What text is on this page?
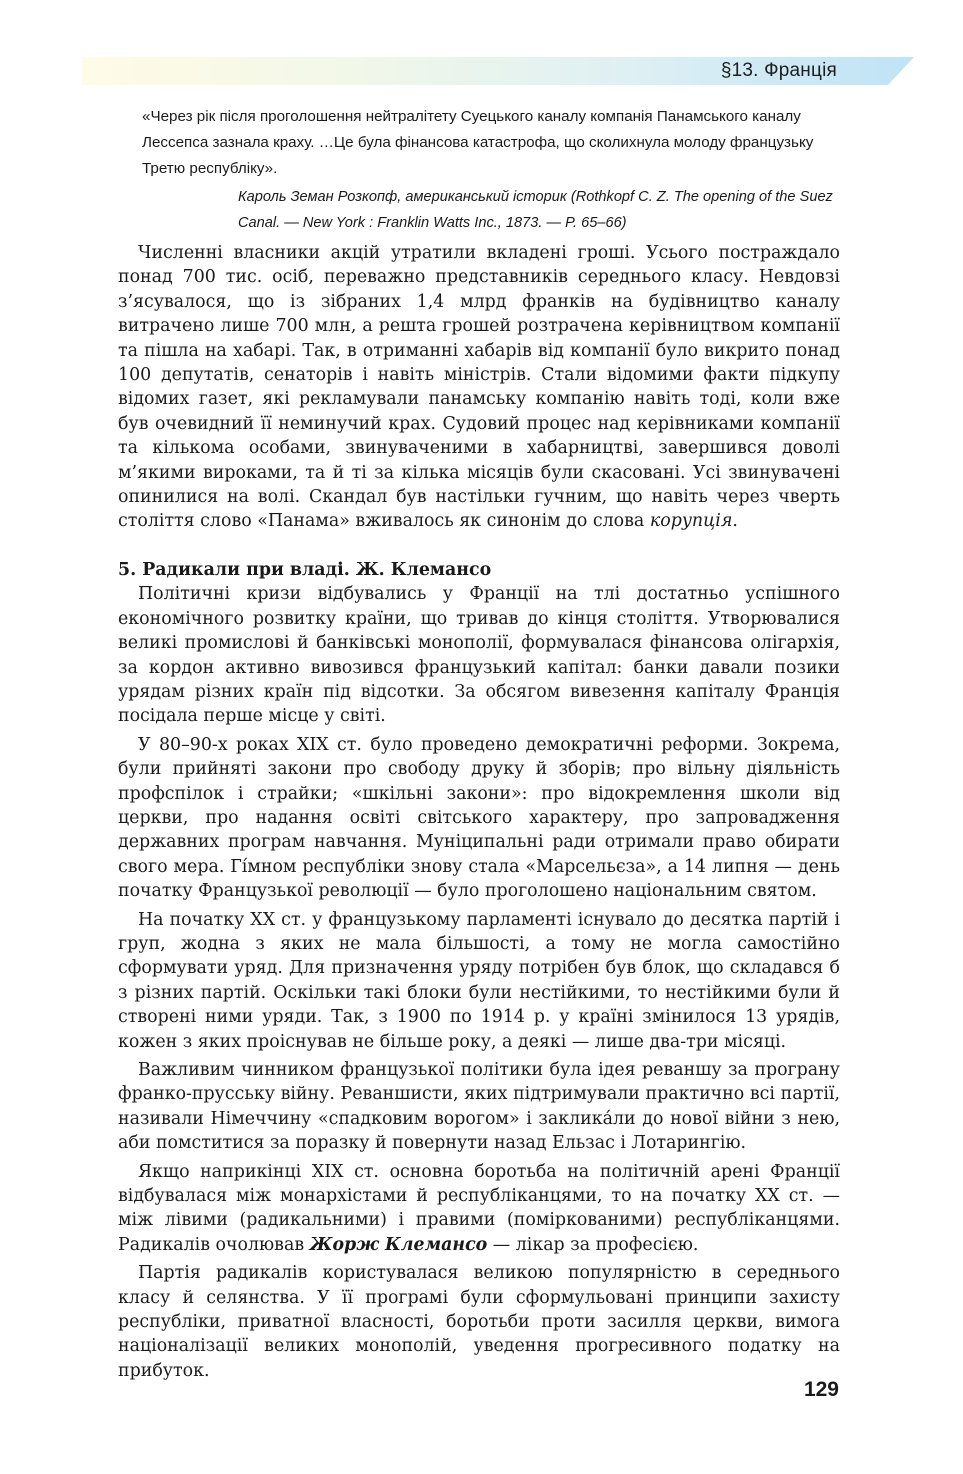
§13. Франція

«Через рік після проголошення нейтралітету Суецького каналу компанія Панамського каналу Лессепса зазнала краху. …Це була фінансова катастрофа, що сколихнула молоду французьку Третю республіку».

Кароль Земан Розкопф, американський історик (Rothkopf C. Z. The opening of the Suez Canal. — New York : Franklin Watts Inc., 1873. — P. 65–66)

Численні власники акцій утратили вкладені гроші. Усього постраждало понад 700 тис. осіб, переважно представників середнього класу. Невдовзі з’ясувалося, що із зібраних 1,4 млрд франків на будівництво каналу витрачено лише 700 млн, а решта грошей розтрачена керівництвом компанії та пішла на хабарі. Так, в отриманні хабарів від компанії було викрито понад 100 депутатів, сенаторів і навіть міністрів. Стали відомими факти підкупу відомих газет, які рекламували панамську компанію навіть тоді, коли вже був очевидний її неминучий крах. Судовий процес над керівниками компанії та кількома особами, звинуваченими в хабарництві, завершився доволі м’якими вироками, та й ті за кілька місяців були скасовані. Усі звинувачені опинилися на волі. Скандал був настільки гучним, що навіть через чверть століття слово «Панама» вживалось як синонім до слова корупція.

5. Радикали при владі. Ж. Клемансо

Політичні кризи відбувались у Франції на тлі достатньо успішного економічного розвитку країни, що тривав до кінця століття. Утворювалися великі промислові й банківські монополії, формувалася фінансова олігархія, за кордон активно вивозився французький капітал: банки давали позики урядам різних країн під відсотки. За обсягом вивезення капіталу Франція посідала перше місце у світі.

У 80–90-х роках XIX ст. було проведено демократичні реформи. Зокрема, були прийняті закони про свободу друку й зборів; про вільну діяльність профспілок і страйки; «шкільні закони»: про відокремлення школи від церкви, про надання освіті світського характеру, про запровадження державних програм навчання. Муніципальні ради отримали право обирати свого мера. Гі́мном республіки знову стала «Марсельєза», а 14 липня — день початку Французької революції — було проголошено національним святом.

На початку XX ст. у французькому парламенті існувало до десятка партій і груп, жодна з яких не мала більшості, а тому не могла самостійно сформувати уряд. Для призначення уряду потрібен був блок, що складався б з різних партій. Оскільки такі блоки були нестійкими, то нестійкими були й створені ними уряди. Так, з 1900 по 1914 р. у країні змінилося 13 урядів, кожен з яких проіснував не більше року, а деякі — лише два-три місяці.

Важливим чинником французької політики була ідея реваншу за програну франко-прусську війну. Реваншисти, яких підтримували практично всі партії, називали Німеччину «спадковим ворогом» і заклика́ли до нової війни з нею, аби помститися за поразку й повернути назад Ельзас і Лотарингію.

Якщо наприкінці XIX ст. основна боротьба на політичній арені Франції відбувалася між монархістами й республіканцями, то на початку XX ст. — між лівими (радикальними) і правими (поміркованими) республіканцями. Радикалів очолював Жорж Клемансо — лікар за професією.

Партія радикалів користувалася великою популярністю в середнього класу й селянства. У її програмі були сформульовані принципи захисту республіки, приватної власності, боротьби проти засилля церкви, вимога націоналізації великих монополій, уведення прогресивного податку на прибуток.

129
